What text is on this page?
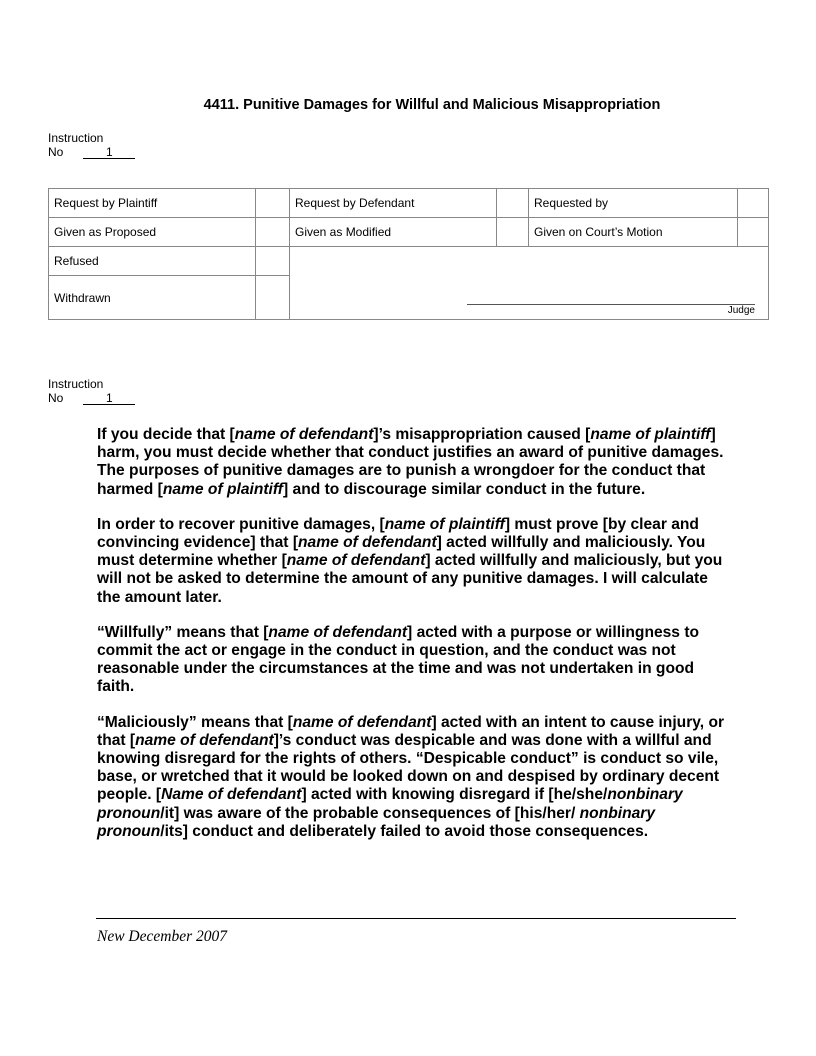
4411. Punitive Damages for Willful and Malicious Misappropriation
Instruction
No	1
Request by Plaintiff		Request by Defendant		Requested by	
Given as Proposed		Given as Modified		Given on Court’s Motion	
Refused		Judge			

Withdrawn					
Instruction
No	1

If you decide that [name of defendant]’s misappropriation caused [name of plaintiff] harm, you must decide whether that conduct justifies an award of punitive damages. The purposes of punitive damages are to punish a wrongdoer for the conduct that harmed [name of plaintiff] and to discourage similar conduct in the future.

In order to recover punitive damages, [name of plaintiff] must prove [by clear and convincing evidence] that [name of defendant] acted willfully and maliciously. You must determine whether [name of defendant] acted willfully and maliciously, but you will not be asked to determine the amount of any punitive damages. I will calculate the amount later.

“Willfully” means that [name of defendant] acted with a purpose or willingness to commit the act or engage in the conduct in question, and the conduct was not reasonable under the circumstances at the time and was not undertaken in good faith.

“Maliciously” means that [name of defendant] acted with an intent to cause injury, or that [name of defendant]’s conduct was despicable and was done with a willful and knowing disregard for the rights of others. “Despicable conduct” is conduct so vile, base, or wretched that it would be looked down on and despised by ordinary decent people. [Name of defendant] acted with knowing disregard if [he/she/nonbinary pronoun/it] was aware of the probable consequences of [his/her/ nonbinary pronoun/its] conduct and deliberately failed to avoid those consequences.

New December 2007
